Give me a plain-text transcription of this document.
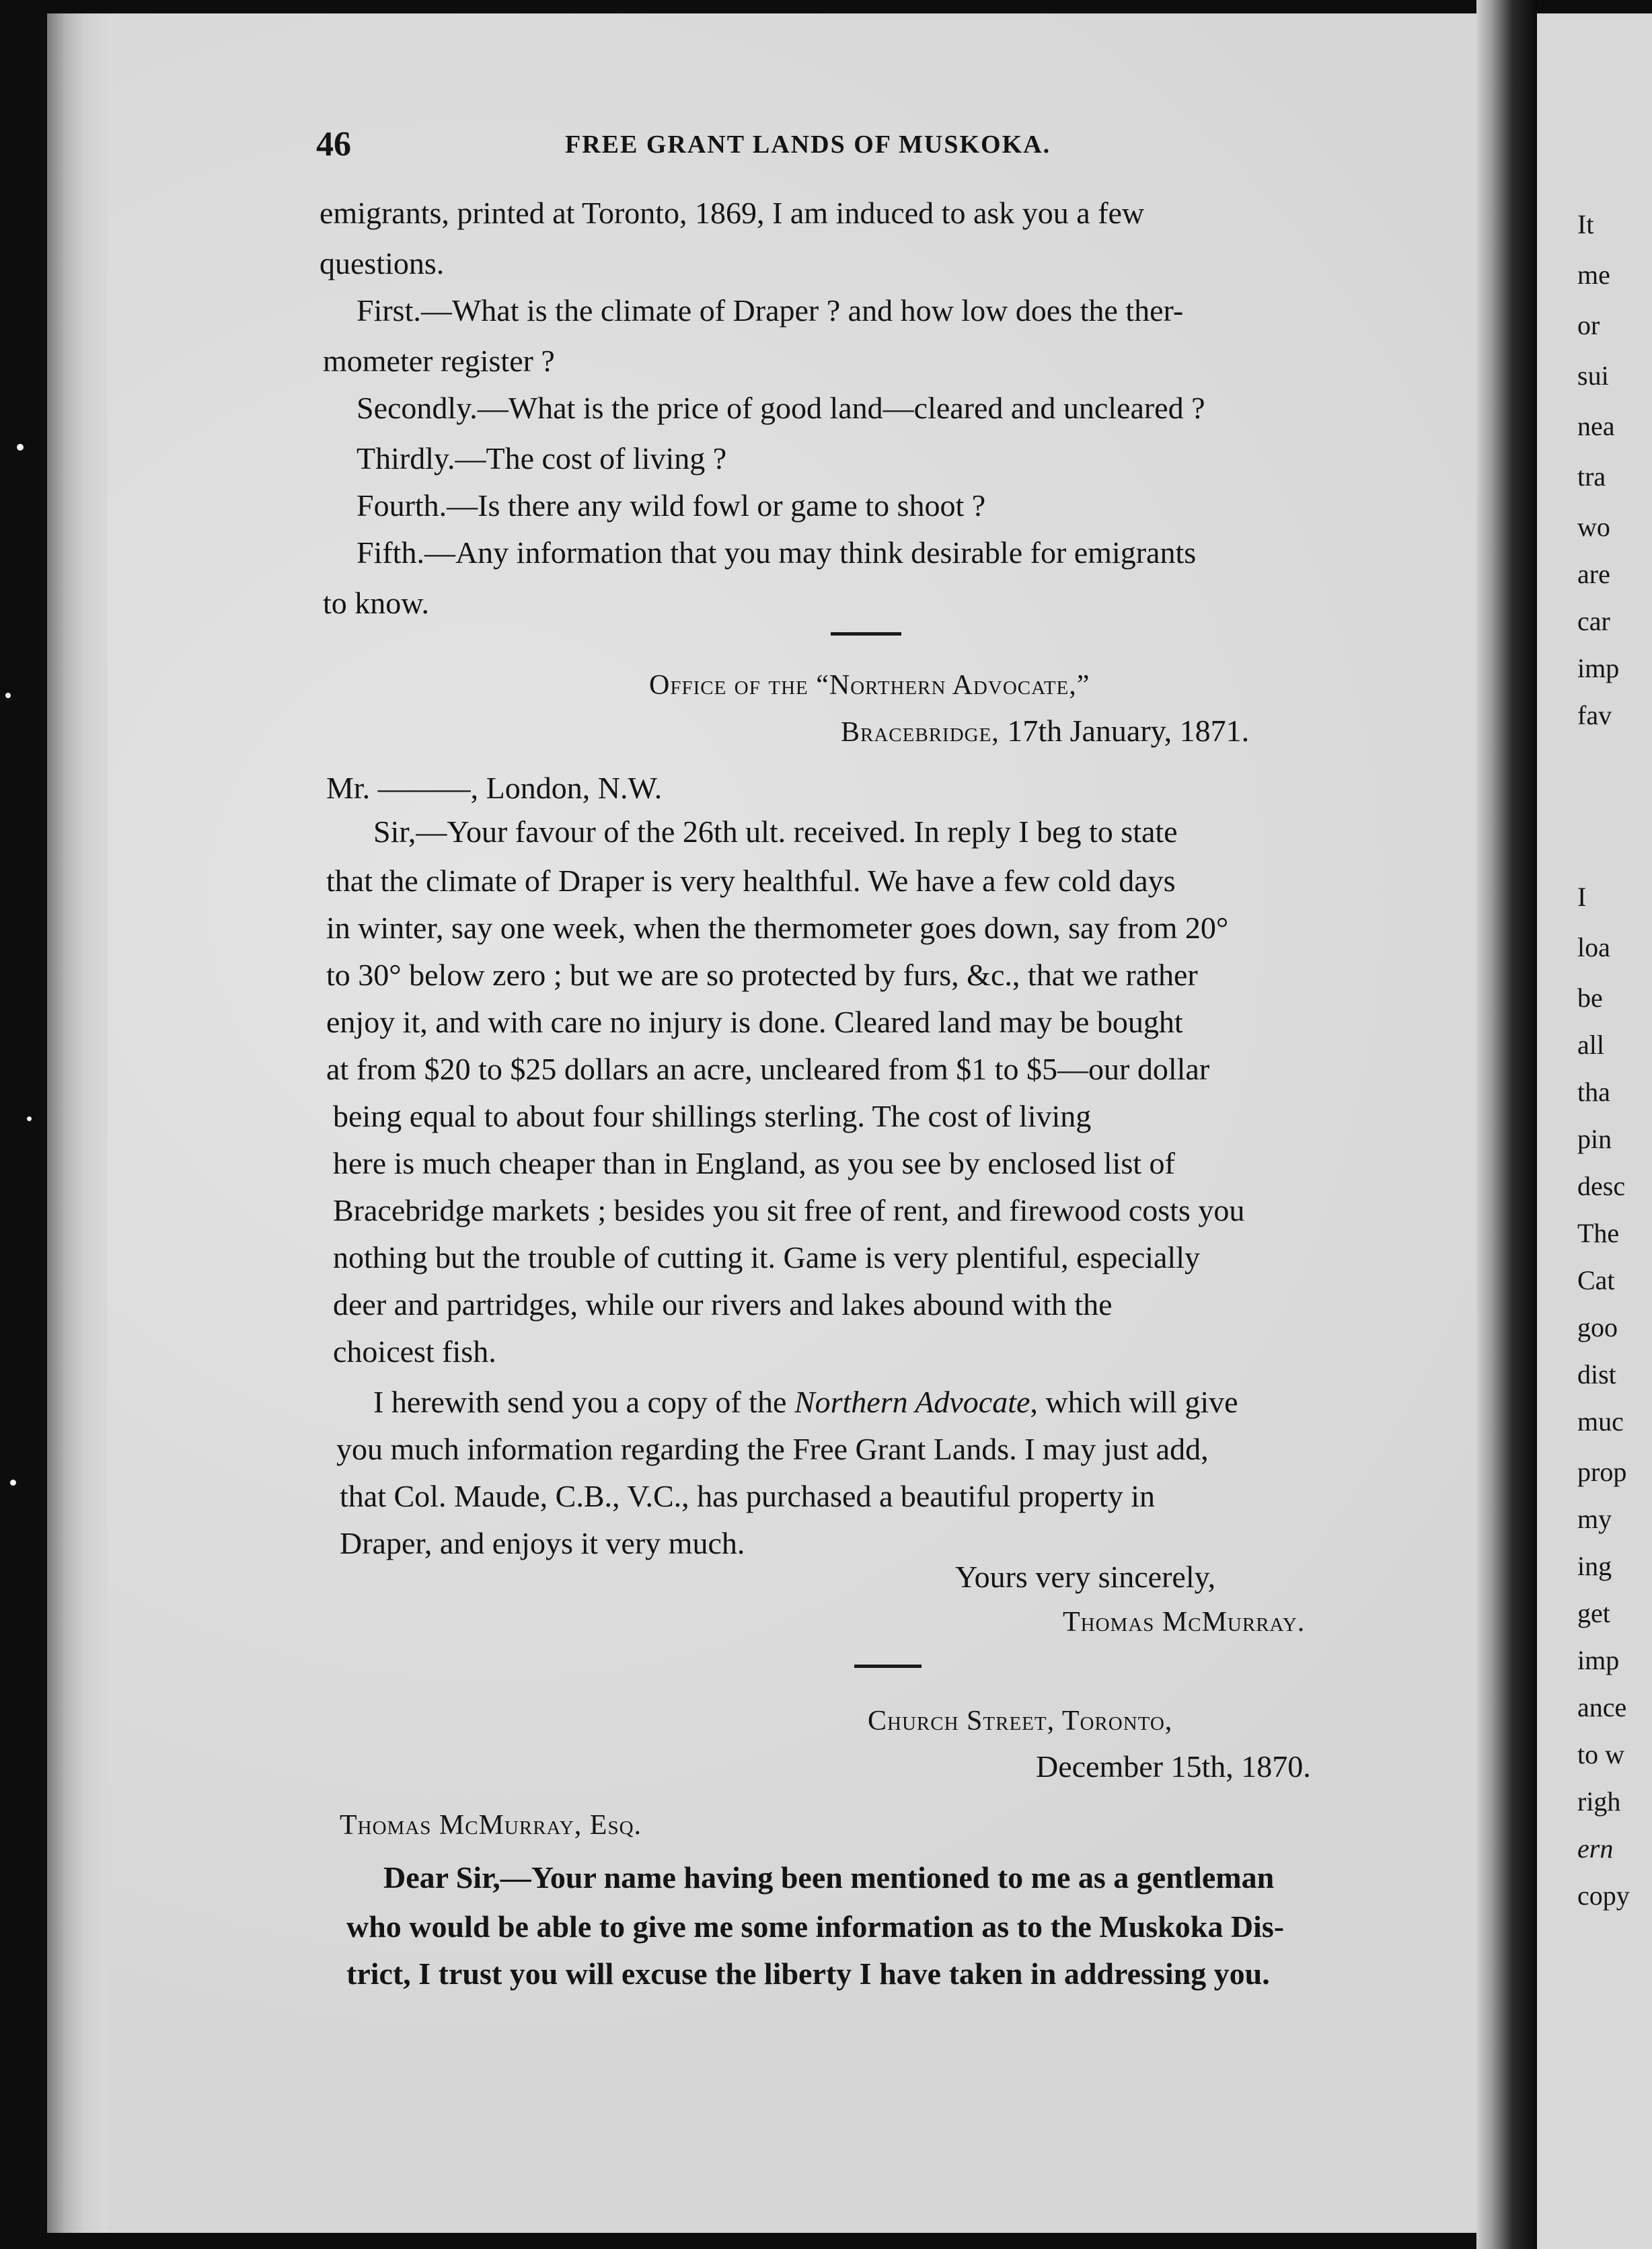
It
me
or
sui
nea
tra
wo
are
car
imp
fav
I
loa
be
all
tha
pin
desc
The
Cat
goo
dist
muc
prop
my
ing
get
imp
ance
to w
righ
ern
copy
46	FREE GRANT LANDS OF MUSKOKA.
emigrants, printed at Toronto, 1869, I am induced to ask you a few
questions.
First.—What is the climate of Draper ? and how low does the ther-
mometer register ?
Secondly.—What is the price of good land—cleared and uncleared ?
Thirdly.—The cost of living ?
Fourth.—Is there any wild fowl or game to shoot ?
Fifth.—Any information that you may think desirable for emigrants
to know.
Office of the “Northern Advocate,”
Bracebridge, 17th January, 1871.
Mr. ———, London, N.W.
Sir,—Your favour of the 26th ult. received. In reply I beg to state
that the climate of Draper is very healthful. We have a few cold days
in winter, say one week, when the thermometer goes down, say from 20°
to 30° below zero ; but we are so protected by furs, &c., that we rather
enjoy it, and with care no injury is done. Cleared land may be bought
at from $20 to $25 dollars an acre, uncleared from $1 to $5—our dollar
being equal to about four shillings sterling. The cost of living
here is much cheaper than in England, as you see by enclosed list of
Bracebridge markets ; besides you sit free of rent, and firewood costs you
nothing but the trouble of cutting it. Game is very plentiful, especially
deer and partridges, while our rivers and lakes abound with the
choicest fish.
I herewith send you a copy of the Northern Advocate, which will give
you much information regarding the Free Grant Lands. I may just add,
that Col. Maude, C.B., V.C., has purchased a beautiful property in
Draper, and enjoys it very much.
Yours very sincerely,
Thomas McMurray.
Church Street, Toronto,
December 15th, 1870.
Thomas McMurray, Esq.
Dear Sir,—Your name having been mentioned to me as a gentleman
who would be able to give me some information as to the Muskoka Dis-
trict, I trust you will excuse the liberty I have taken in addressing you.
